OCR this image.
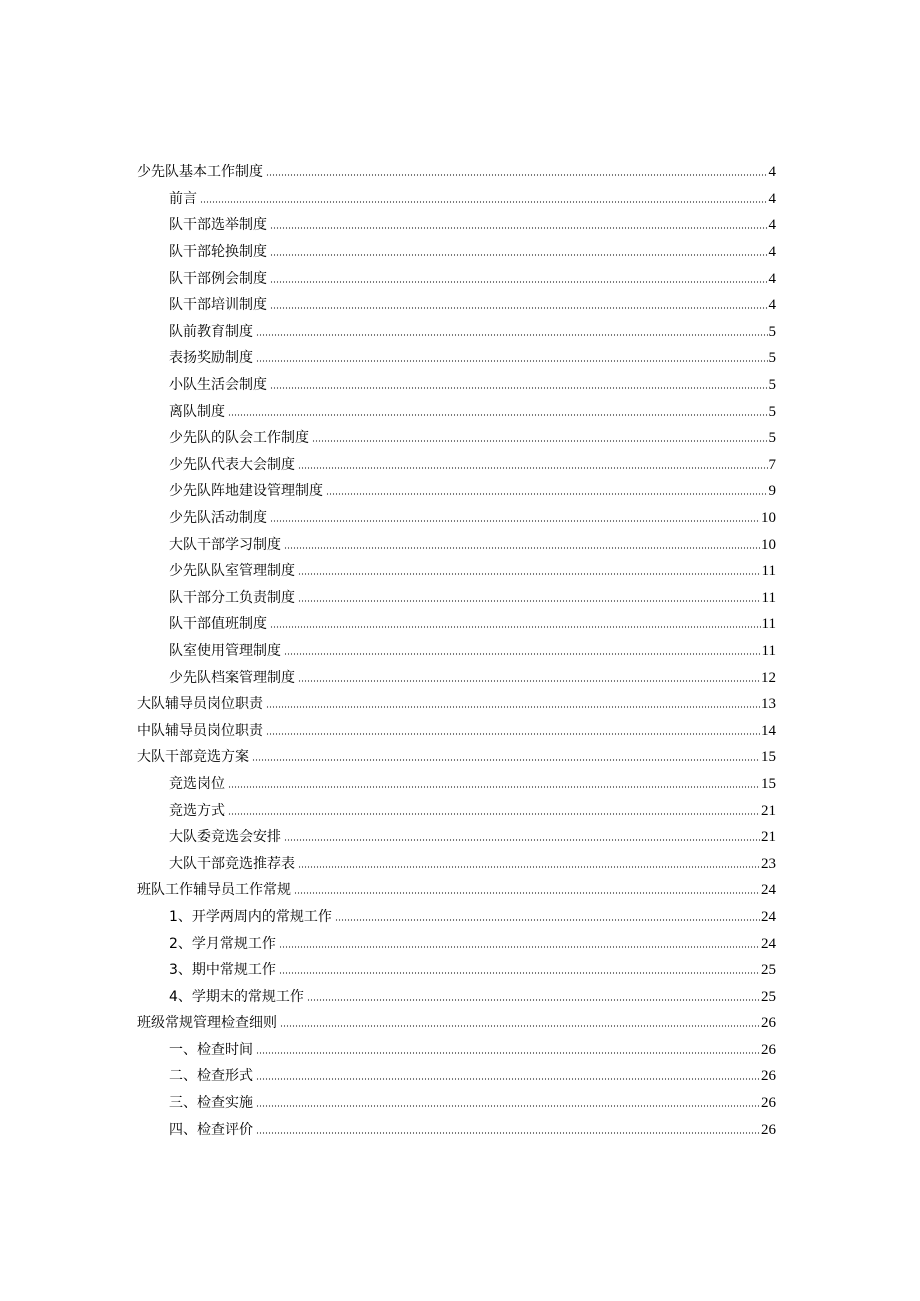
少先队基本工作制度	4
前言	4
队干部选举制度	4
队干部轮换制度	4
队干部例会制度	4
队干部培训制度	4
队前教育制度	5
表扬奖励制度	5
小队生活会制度	5
离队制度	5
少先队的队会工作制度	5
少先队代表大会制度	7
少先队阵地建设管理制度	9
少先队活动制度	10
大队干部学习制度	10
少先队队室管理制度	11
队干部分工负责制度	11
队干部值班制度	11
队室使用管理制度	11
少先队档案管理制度	12
大队辅导员岗位职责	13
中队辅导员岗位职责	14
大队干部竞选方案	15
竞选岗位	15
竞选方式	21
大队委竞选会安排	21
大队干部竞选推荐表	23
班队工作辅导员工作常规	24
1、开学两周内的常规工作	24
2、学月常规工作	24
3、期中常规工作	25
4、学期末的常规工作	25
班级常规管理检查细则	26
一、检查时间	26
二、检查形式	26
三、检查实施	26
四、检查评价	26
